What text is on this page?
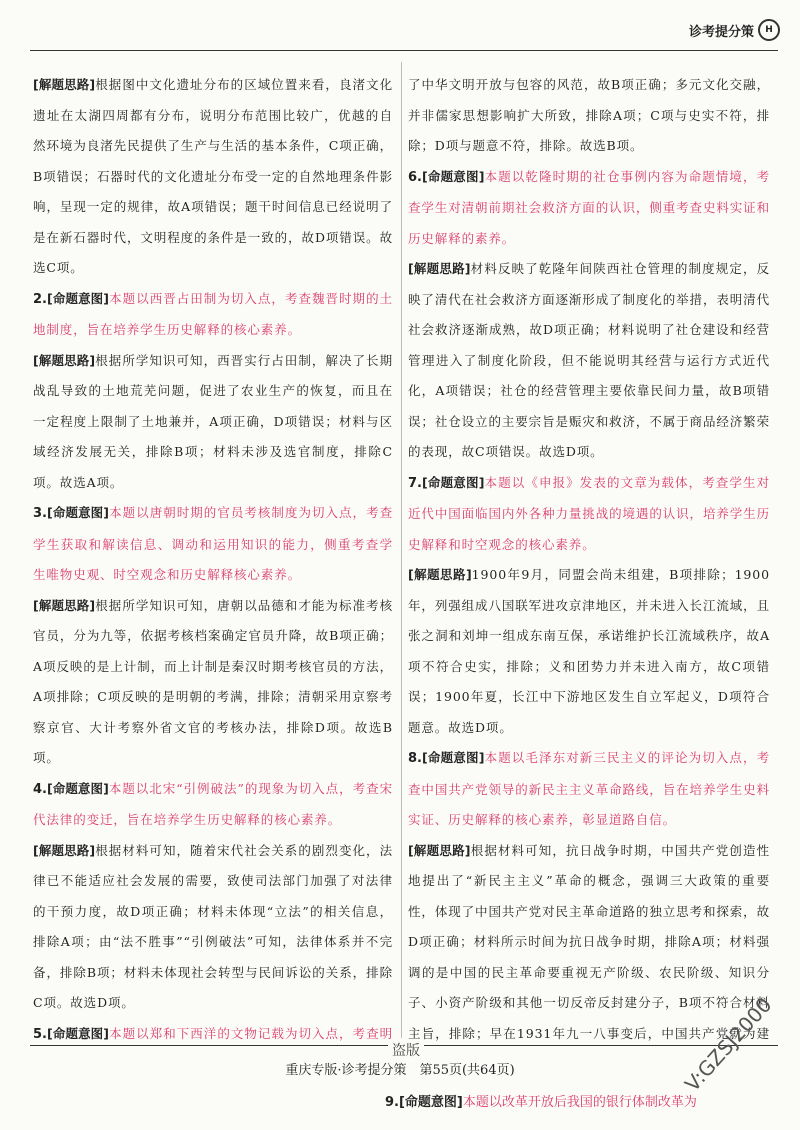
诊考提分策	H

[解题思路]根据图中文化遗址分布的区域位置来看，良渚文化遗址在太湖四周都有分布，说明分布范围比较广，优越的自然环境为良渚先民提供了生产与生活的基本条件，C项正确，B项错误；石器时代的文化遗址分布受一定的自然地理条件影响，呈现一定的规律，故A项错误；题干时间信息已经说明了是在新石器时代，文明程度的条件是一致的，故D项错误。故选C项。

2.[命题意图]本题以西晋占田制为切入点，考查魏晋时期的土地制度，旨在培养学生历史解释的核心素养。

[解题思路]根据所学知识可知，西晋实行占田制，解决了长期战乱导致的土地荒芜问题，促进了农业生产的恢复，而且在一定程度上限制了土地兼并，A项正确，D项错误；材料与区域经济发展无关，排除B项；材料未涉及选官制度，排除C项。故选A项。

3.[命题意图]本题以唐朝时期的官员考核制度为切入点，考查学生获取和解读信息、调动和运用知识的能力，侧重考查学生唯物史观、时空观念和历史解释核心素养。

[解题思路]根据所学知识可知，唐朝以品德和才能为标准考核官员，分为九等，依据考核档案确定官员升降，故B项正确；A项反映的是上计制，而上计制是秦汉时期考核官员的方法，A项排除；C项反映的是明朝的考满，排除；清朝采用京察考察京官、大计考察外省文官的考核办法，排除D项。故选B项。

4.[命题意图]本题以北宋“引例破法”的现象为切入点，考查宋代法律的变迁，旨在培养学生历史解释的核心素养。

[解题思路]根据材料可知，随着宋代社会关系的剧烈变化，法律已不能适应社会发展的需要，致使司法部门加强了对法律的干预力度，故D项正确；材料未体现“立法”的相关信息，排除A项；由“法不胜事”“引例破法”可知，法律体系并不完备，排除B项；材料未体现社会转型与民间诉讼的关系，排除C项。故选D项。

5.[命题意图]本题以郑和下西洋的文物记载为切入点，考查明

了中华文明开放与包容的风范，故B项正确；多元文化交融，并非儒家思想影响扩大所致，排除A项；C项与史实不符，排除；D项与题意不符，排除。故选B项。

6.[命题意图]本题以乾隆时期的社仓事例内容为命题情境，考查学生对清朝前期社会救济方面的认识，侧重考查史料实证和历史解释的素养。

[解题思路]材料反映了乾隆年间陕西社仓管理的制度规定，反映了清代在社会救济方面逐渐形成了制度化的举措，表明清代社会救济逐渐成熟，故D项正确；材料说明了社仓建设和经营管理进入了制度化阶段，但不能说明其经营与运行方式近代化，A项错误；社仓的经营管理主要依靠民间力量，故B项错误；社仓设立的主要宗旨是赈灾和救济，不属于商品经济繁荣的表现，故C项错误。故选D项。

7.[命题意图]本题以《申报》发表的文章为载体，考查学生对近代中国面临国内外各种力量挑战的境遇的认识，培养学生历史解释和时空观念的核心素养。

[解题思路]1900年9月，同盟会尚未组建，B项排除；1900年，列强组成八国联军进攻京津地区，并未进入长江流域，且张之洞和刘坤一组成东南互保，承诺维护长江流域秩序，故A项不符合史实，排除；义和团势力并未进入南方，故C项错误；1900年夏，长江中下游地区发生自立军起义，D项符合题意。故选D项。

8.[命题意图]本题以毛泽东对新三民主义的评论为切入点，考查中国共产党领导的新民主主义革命路线，旨在培养学生史料实证、历史解释的核心素养，彰显道路自信。

[解题思路]根据材料可知，抗日战争时期，中国共产党创造性地提出了“新民主主义”革命的概念，强调三大政策的重要性，体现了中国共产党对民主革命道路的独立思考和探索，故D项正确；材料所示时间为抗日战争时期，排除A项；材料强调的是中国的民主革命要重视无产阶级、农民阶级、知识分子、小资产阶级和其他一切反帝反封建分子，B项不符合材料主旨，排除；早在1931年九一八事变后，中国共产党就为建

盗版
重庆专版·诊考提分策　第55页(共64页)
9.[命题意图]本题以改革开放后我国的银行体制改革为
V:GZSJ2000
